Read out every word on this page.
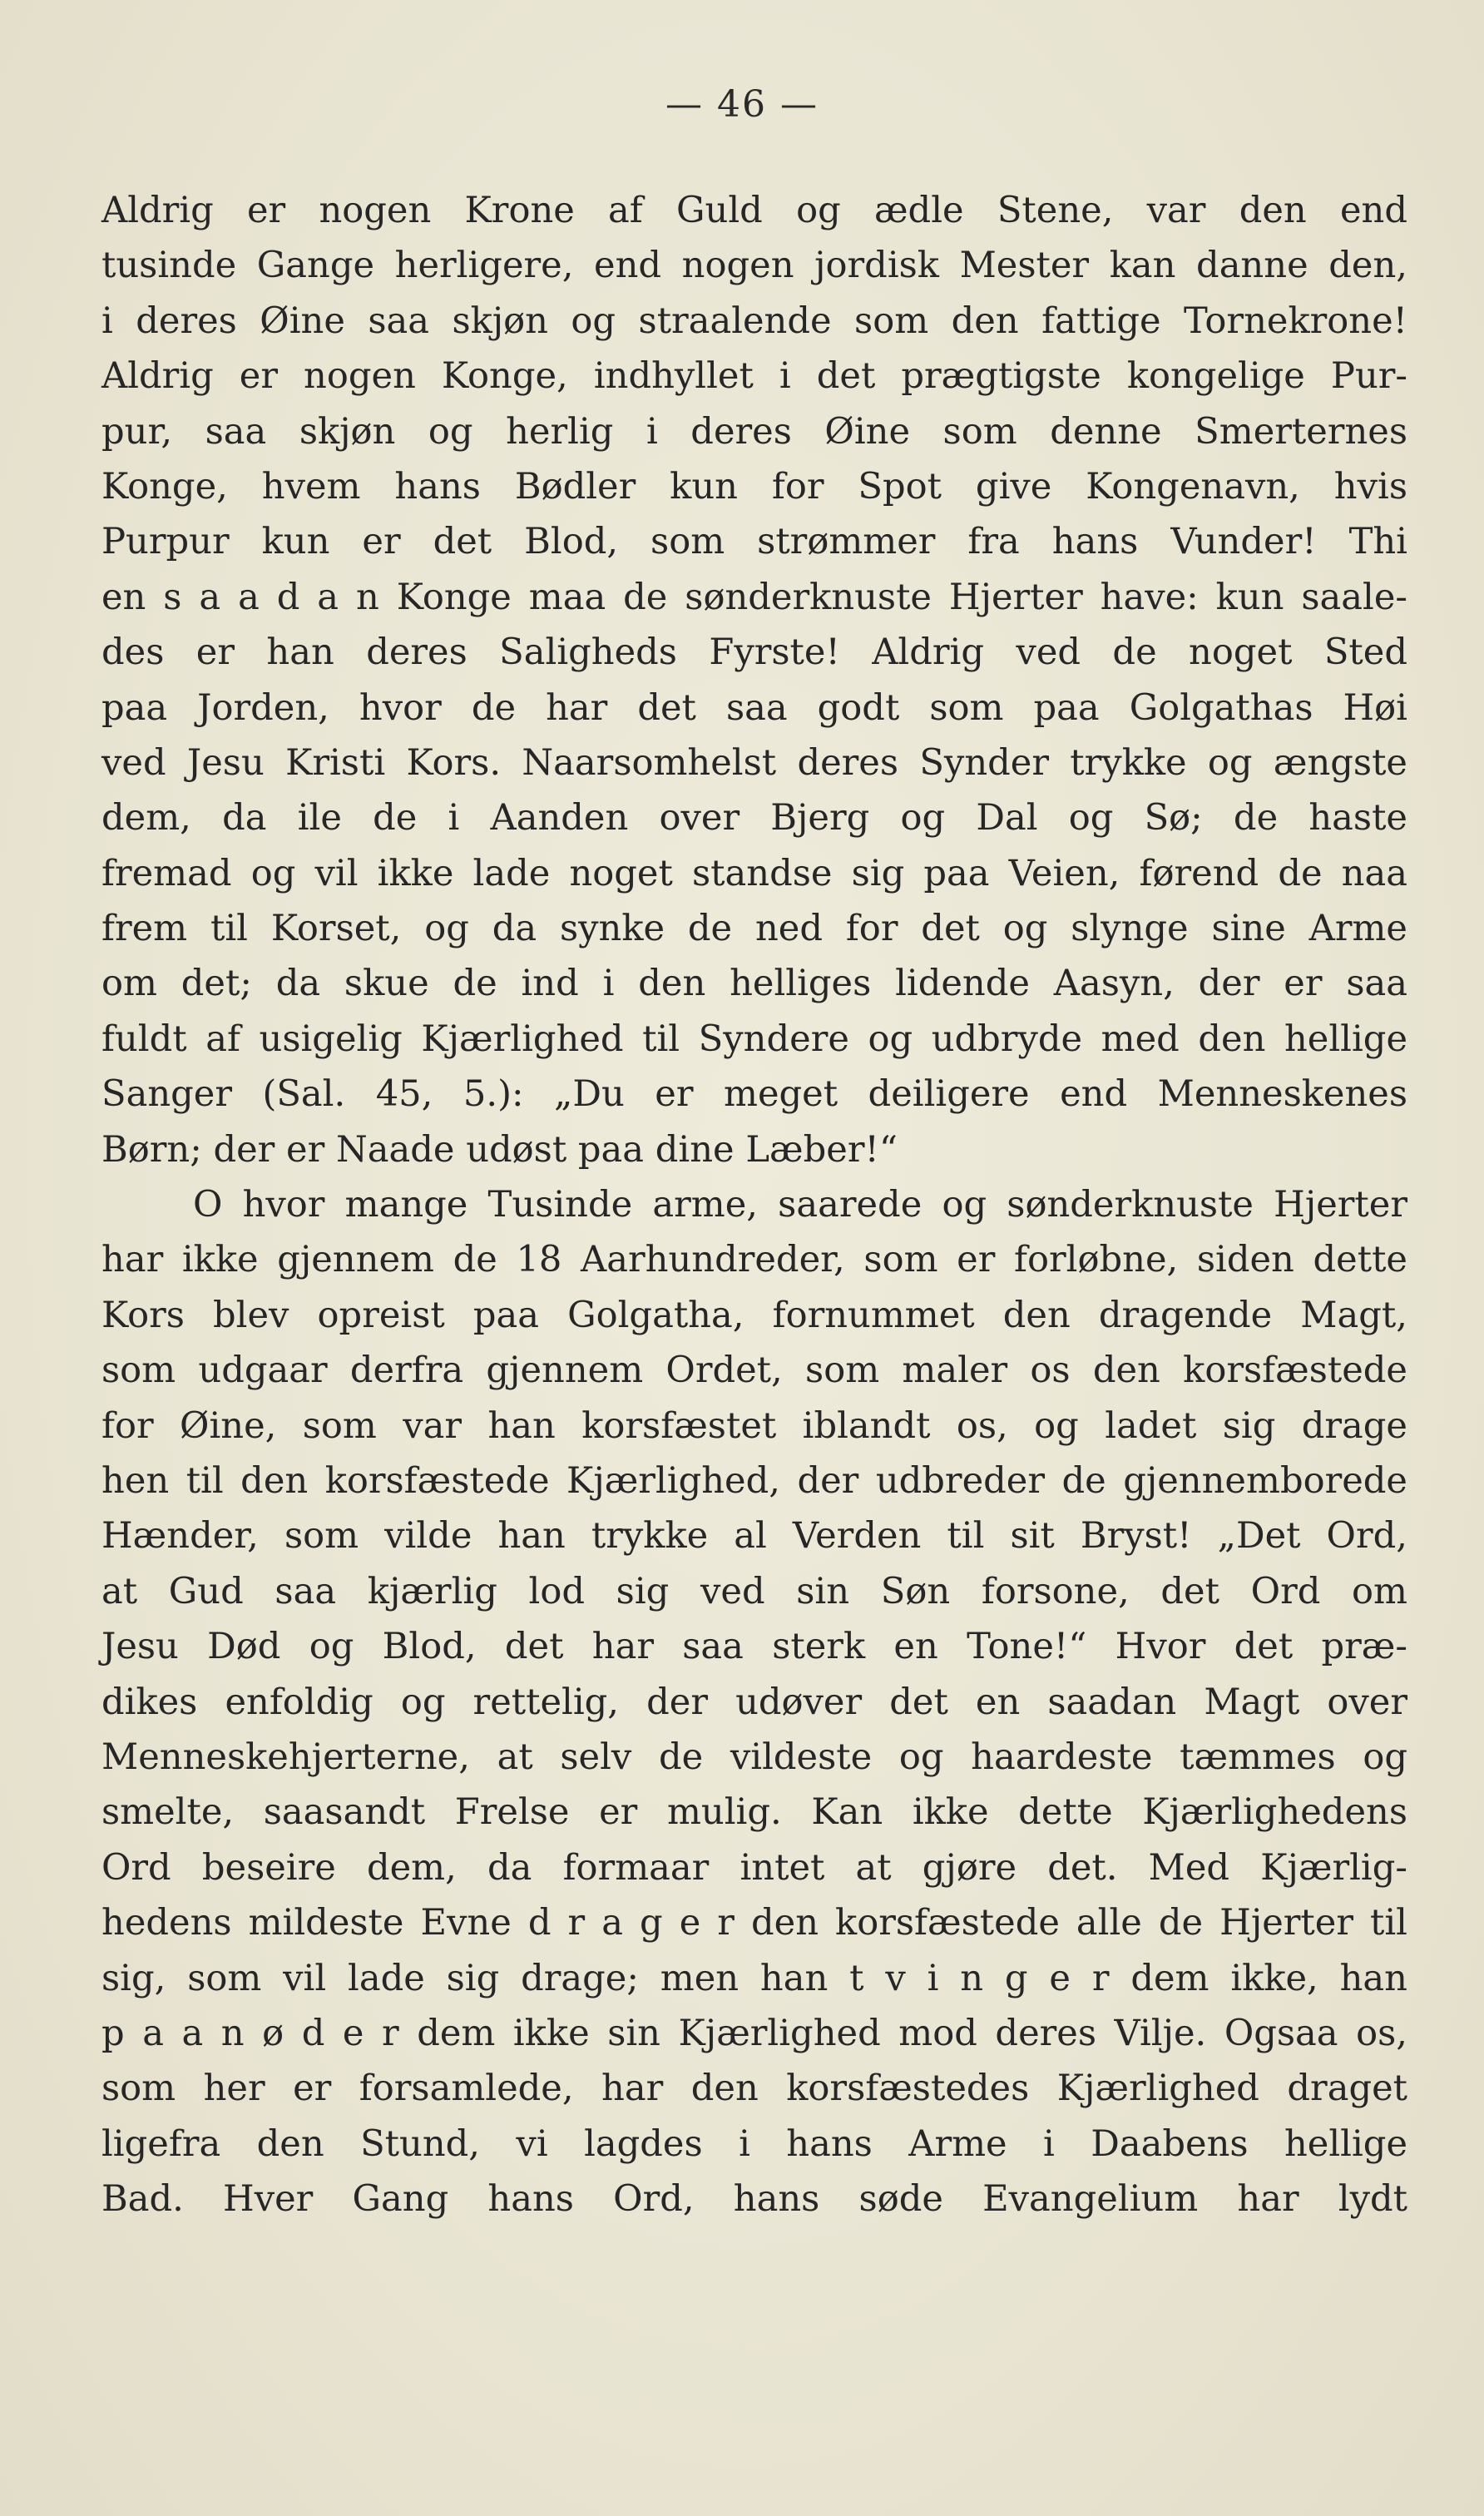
— 46 —
Aldrig er nogen Krone af Guld og ædle Stene, var den end
tusinde Gange herligere, end nogen jordisk Mester kan danne den,
i deres Øine saa skjøn og straalende som den fattige Tornekrone!
Aldrig er nogen Konge, indhyllet i det prægtigste kongelige Pur-
pur, saa skjøn og herlig i deres Øine som denne Smerternes
Konge, hvem hans Bødler kun for Spot give Kongenavn, hvis
Purpur kun er det Blod, som strømmer fra hans Vunder! Thi
en s a a d a n Konge maa de sønderknuste Hjerter have: kun saale-
des er han deres Saligheds Fyrste! Aldrig ved de noget Sted
paa Jorden, hvor de har det saa godt som paa Golgathas Høi
ved Jesu Kristi Kors. Naarsomhelst deres Synder trykke og ængste
dem, da ile de i Aanden over Bjerg og Dal og Sø; de haste
fremad og vil ikke lade noget standse sig paa Veien, førend de naa
frem til Korset, og da synke de ned for det og slynge sine Arme
om det; da skue de ind i den helliges lidende Aasyn, der er saa
fuldt af usigelig Kjærlighed til Syndere og udbryde med den hellige
Sanger (Sal. 45, 5.): „Du er meget deiligere end Menneskenes
Børn; der er Naade udøst paa dine Læber!“
O hvor mange Tusinde arme, saarede og sønderknuste Hjerter
har ikke gjennem de 18 Aarhundreder, som er forløbne, siden dette
Kors blev opreist paa Golgatha, fornummet den dragende Magt,
som udgaar derfra gjennem Ordet, som maler os den korsfæstede
for Øine, som var han korsfæstet iblandt os, og ladet sig drage
hen til den korsfæstede Kjærlighed, der udbreder de gjennemborede
Hænder, som vilde han trykke al Verden til sit Bryst! „Det Ord,
at Gud saa kjærlig lod sig ved sin Søn forsone, det Ord om
Jesu Død og Blod, det har saa sterk en Tone!“ Hvor det præ-
dikes enfoldig og rettelig, der udøver det en saadan Magt over
Menneskehjerterne, at selv de vildeste og haardeste tæmmes og
smelte, saasandt Frelse er mulig. Kan ikke dette Kjærlighedens
Ord beseire dem, da formaar intet at gjøre det. Med Kjærlig-
hedens mildeste Evne d r a g e r den korsfæstede alle de Hjerter til
sig, som vil lade sig drage; men han t v i n g e r dem ikke, han
p a a n ø d e r dem ikke sin Kjærlighed mod deres Vilje. Ogsaa os,
som her er forsamlede, har den korsfæstedes Kjærlighed draget
ligefra den Stund, vi lagdes i hans Arme i Daabens hellige
Bad. Hver Gang hans Ord, hans søde Evangelium har lydt
